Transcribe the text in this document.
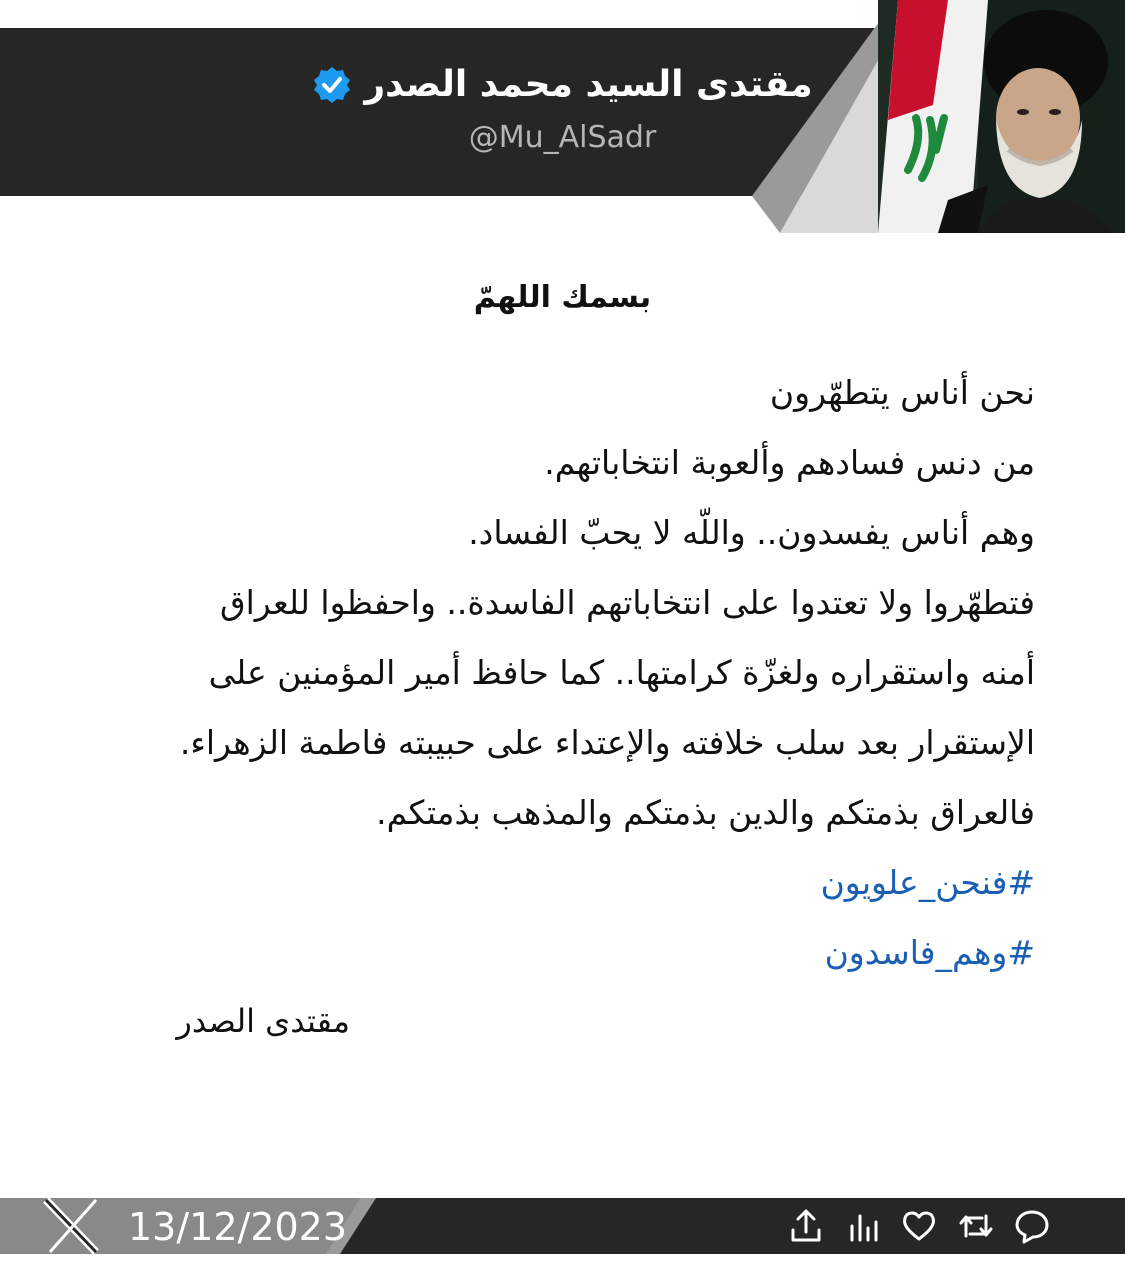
مقتدى السيد محمد الصدر
@Mu_AlSadr
بسمك اللهمّ
نحن أناس يتطهّرون
من دنس فسادهم وألعوبة انتخاباتهم.
وهم أناس يفسدون.. واللّه لا يحبّ الفساد.
فتطهّروا ولا تعتدوا على انتخاباتهم الفاسدة.. واحفظوا للعراق
أمنه واستقراره ولغزّة كرامتها.. كما حافظ أمير المؤمنين على
الإستقرار بعد سلب خلافته والإعتداء على حبيبته فاطمة الزهراء.
فالعراق بذمتكم والدين بذمتكم والمذهب بذمتكم.
#فنحن_علويون
#وهم_فاسدون
مقتدى الصدر
13/12/2023
